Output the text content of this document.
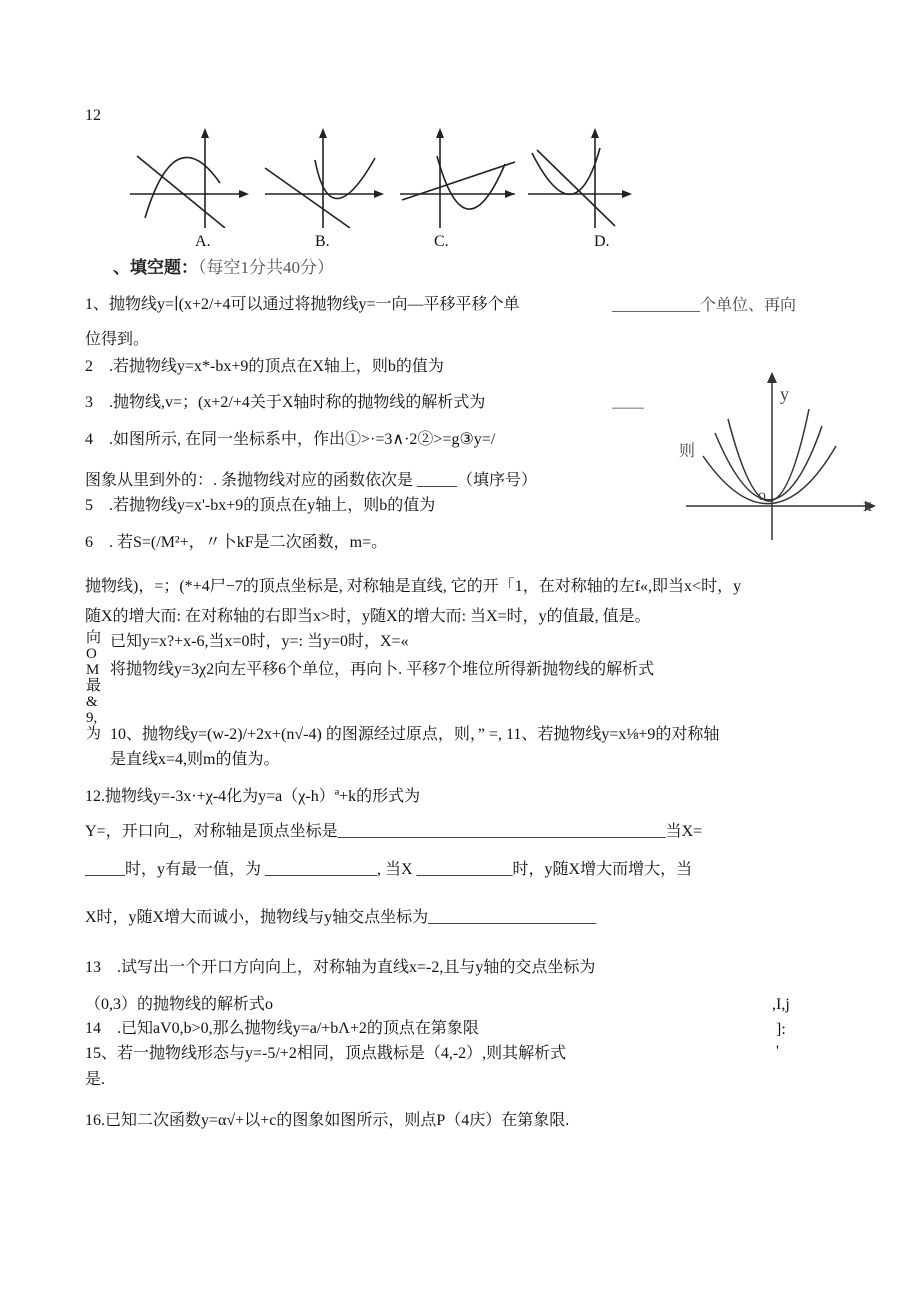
12
A.	B.	C.	D.
、填空题：（每空1分共40分）
1、抛物线y=∣(x+2/+4可以通过将抛物线y=一向—平移平移个单
位得到。
2　.若抛物线y=x*-bx+9的顶点在X轴上，则b的值为
3　.抛物线,v=；(x+2/+4关于X轴时称的抛物线的解析式为
4　.如图所示, 在同一坐标系中，作出①>·=3∧·2②>=g③y=/
图象从里到外的：. 条抛物线对应的函数依次是 _____（填序号）
5　.若抛物线y=x'-bx+9的顶点在y轴上，则b的值为
6　. 若S=(/M²+，〃卜kF是二次函数，m=。
抛物线)，=；(*+4尸−7的顶点坐标是, 对称轴是直线, 它的开「1，在对称轴的左f«,即当x<时，y
随X的增大而: 在对称轴的右即当x>时，y随X的增大而: 当X=时，y的值最, 值是。
向OM最&9,为
已知y=x?+x-6,当x=0时，y=: 当y=0时，X=«
将抛物线y=3χ2向左平移6个单位，再向卜. 平移7个堆位所得新抛物线的解析式
10、抛物线y=(w-2)/+2x+(n√-4) 的图源经过原点，则，” =, 11、若抛物线y=x⅛+9的对称轴
是直线x=4,则m的值为。
12.抛物线y=-3x·+χ-4化为y=a（χ-h）ª+k的形式为
Y=，开口向_，对称轴是顶点坐标是_________________________________________当X=
_____时，y有最一值，为 ______________, 当X ____________时，y随X增大而增大，当
X时，y随X增大而诚小，抛物线与y轴交点坐标为_____________________
13　.试写出一个开口方向向上，对称轴为直线x=-2,且与y轴的交点坐标为
（0,3）的抛物线的解析式o
14　.已知aV0,b>0,那么抛物线y=a/+bΛ+2的顶点在第象限
15、若一抛物线形态与y=-5/+2相同，顶点戡标是（4,-2）,则其解析式
是.
16.已知二次函数y=α√+以+c的图象如图所示，则点P（4庆）在第象限.
___________个单位、再向
——
则
y
x
o
,I,j
]:
'
